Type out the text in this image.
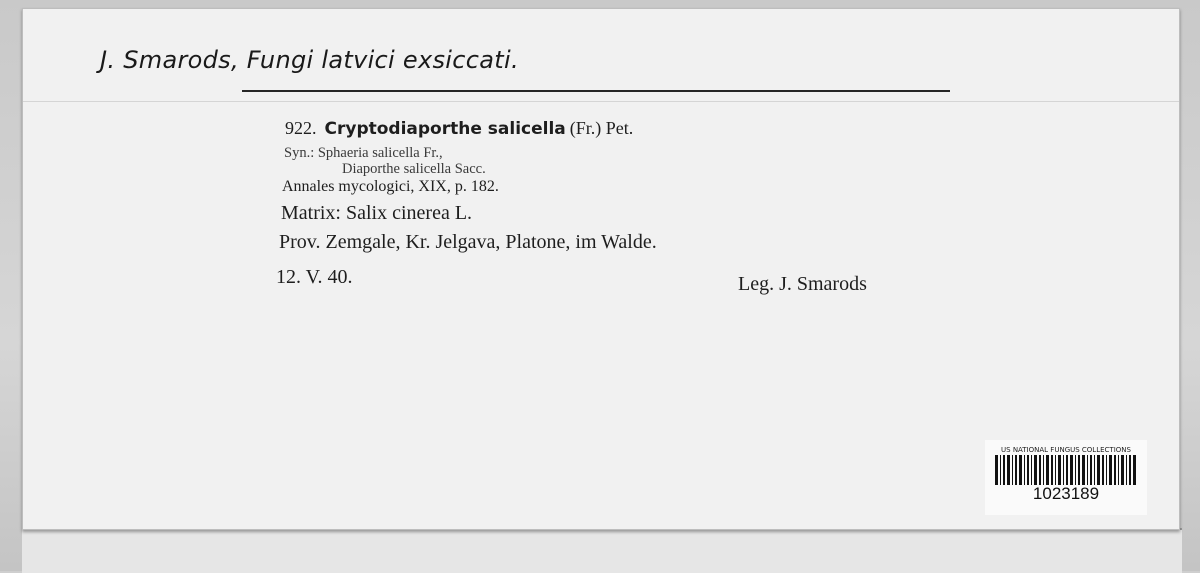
J. Smarods, Fungi latvici exsiccati.
922. Cryptodiaporthe salicella (Fr.) Pet.
Syn.: Sphaeria salicella Fr.,
Diaporthe salicella Sacc.
Annales mycologici, XIX, p. 182.
Matrix: Salix cinerea L.
Prov. Zemgale, Kr. Jelgava, Platone, im Walde.
12. V. 40.	Leg. J. Smarods
US NATIONAL FUNGUS COLLECTIONS
1023189
